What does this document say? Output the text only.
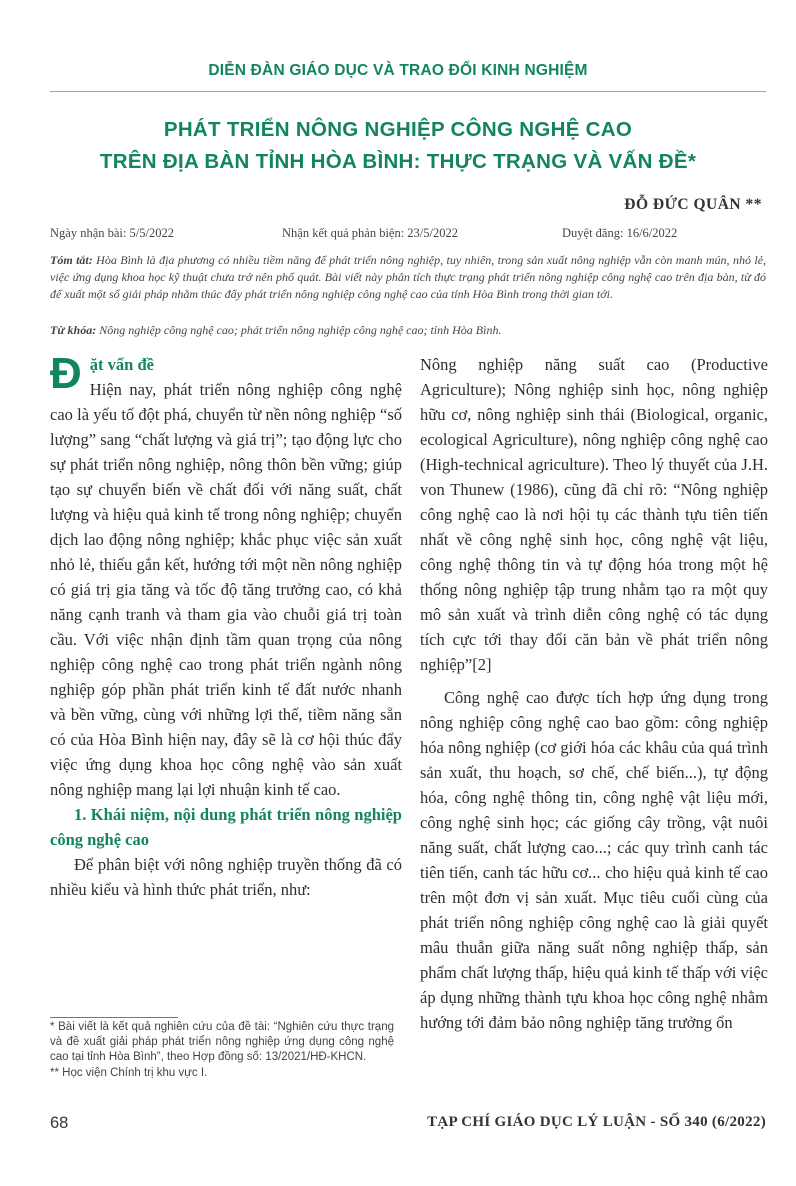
DIỄN ĐÀN GIÁO DỤC VÀ TRAO ĐỔI KINH NGHIỆM
PHÁT TRIỂN NÔNG NGHIỆP CÔNG NGHỆ CAO
TRÊN ĐỊA BÀN TỈNH HÒA BÌNH: THỰC TRẠNG VÀ VẤN ĐỀ*
ĐỖ ĐỨC QUÂN **
Ngày nhận bài: 5/5/2022	Nhận kết quả phản biện: 23/5/2022	Duyệt đăng: 16/6/2022
Tóm tắt: Hòa Bình là địa phương có nhiều tiềm năng để phát triển nông nghiệp, tuy nhiên, trong sản xuất nông nghiệp vẫn còn manh mún, nhỏ lẻ, việc ứng dụng khoa học kỹ thuật chưa trở nên phổ quát. Bài viết này phân tích thực trạng phát triển nông nghiệp công nghệ cao trên địa bàn, từ đó để xuất một số giải pháp nhằm thúc đẩy phát triển nông nghiệp công nghệ cao của tỉnh Hòa Bình trong thời gian tới.
Từ khóa: Nông nghiệp công nghệ cao; phát triển nông nghiệp công nghệ cao; tỉnh Hòa Bình.

Đ ặt vấn đề
Hiện nay, phát triển nông nghiệp công nghệ cao là yếu tố đột phá, chuyển từ nền nông nghiệp “số lượng” sang “chất lượng và giá trị”; tạo động lực cho sự phát triển nông nghiệp, nông thôn bền vững; giúp tạo sự chuyển biến về chất đối với năng suất, chất lượng và hiệu quả kinh tế trong nông nghiệp; chuyển dịch lao động nông nghiệp; khắc phục việc sản xuất nhỏ lẻ, thiếu gắn kết, hướng tới một nền nông nghiệp có giá trị gia tăng và tốc độ tăng trưởng cao, có khả năng cạnh tranh và tham gia vào chuỗi giá trị toàn cầu. Với việc nhận định tầm quan trọng của nông nghiệp công nghệ cao trong phát triển ngành nông nghiệp góp phần phát triển kinh tế đất nước nhanh và bền vững, cùng với những lợi thế, tiềm năng sẵn có của Hòa Bình hiện nay, đây sẽ là cơ hội thúc đẩy việc ứng dụng khoa học công nghệ vào sản xuất nông nghiệp mang lại lợi nhuận kinh tế cao.

1. Khái niệm, nội dung phát triển nông nghiệp công nghệ cao

Để phân biệt với nông nghiệp truyền thống đã có nhiều kiểu và hình thức phát triển, như:

Nông nghiệp năng suất cao (Productive Agriculture); Nông nghiệp sinh học, nông nghiệp hữu cơ, nông nghiệp sinh thái (Biological, organic, ecological Agriculture), nông nghiệp công nghệ cao (High-technical agriculture). Theo lý thuyết của J.H. von Thunew (1986), cũng đã chỉ rõ: “Nông nghiệp công nghệ cao là nơi hội tụ các thành tựu tiên tiến nhất về công nghệ sinh học, công nghệ vật liệu, công nghệ thông tin và tự động hóa trong một hệ thống nông nghiệp tập trung nhằm tạo ra một quy mô sản xuất và trình diễn công nghệ có tác dụng tích cực tới thay đổi căn bản về phát triển nông nghiệp”[2]

Công nghệ cao được tích hợp ứng dụng trong nông nghiệp công nghệ cao bao gồm: công nghiệp hóa nông nghiệp (cơ giới hóa các khâu của quá trình sản xuất, thu hoạch, sơ chế, chế biến...), tự động hóa, công nghệ thông tin, công nghệ vật liệu mới, công nghệ sinh học; các giống cây trồng, vật nuôi năng suất, chất lượng cao...; các quy trình canh tác tiên tiến, canh tác hữu cơ... cho hiệu quả kinh tế cao trên một đơn vị sản xuất. Mục tiêu cuối cùng của phát triển nông nghiệp công nghệ cao là giải quyết mâu thuẫn giữa năng suất nông nghiệp thấp, sản phẩm chất lượng thấp, hiệu quả kinh tế thấp với việc áp dụng những thành tựu khoa học công nghệ nhằm hướng tới đảm bảo nông nghiệp tăng trưởng ổn

* Bài viết là kết quả nghiên cứu của đề tài: “Nghiên cứu thực trạng và đề xuất giải pháp phát triển nông nghiệp ứng dụng công nghệ cao tại tỉnh Hòa Bình”, theo Hợp đồng số: 13/2021/HĐ-KHCN.

** Học viện Chính trị khu vực I.

68	TẠP CHÍ GIÁO DỤC LÝ LUẬN - SỐ 340 (6/2022)
